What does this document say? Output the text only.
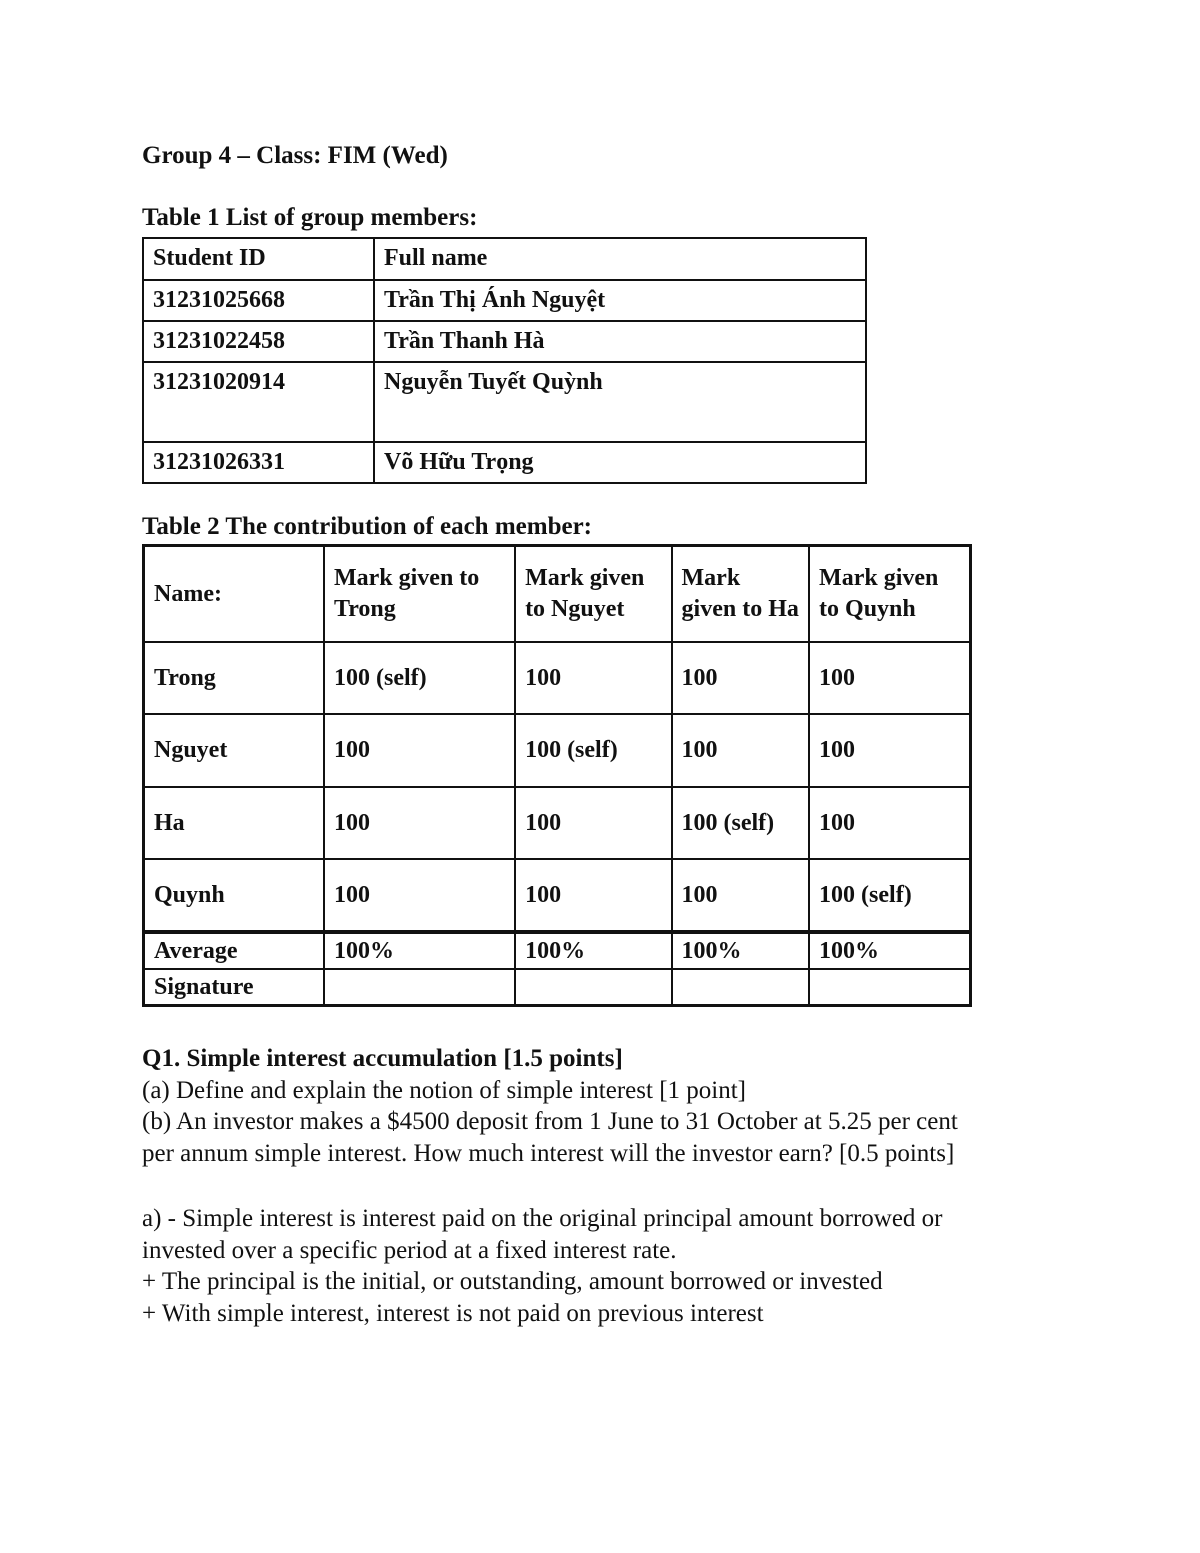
Group 4 – Class: FIM (Wed)
Table 1 List of group members:
Student ID	Full name
31231025668	Trần Thị Ánh Nguyệt
31231022458	Trần Thanh Hà
31231020914	Nguyễn Tuyết Quỳnh
31231026331	Võ Hữu Trọng
Table 2 The contribution of each member:
Name:	Mark given to Trong	Mark given to Nguyet	Mark given to Ha	Mark given to Quynh
Trong	100 (self)	100	100	100
Nguyet	100	100 (self)	100	100
Ha	100	100	100 (self)	100
Quynh	100	100	100	100 (self)
Average	100%	100%	100%	100%
Signature				
Q1. Simple interest accumulation [1.5 points]
(a) Define and explain the notion of simple interest [1 point]
(b) An investor makes a $4500 deposit from 1 June to 31 October at 5.25 per cent
per annum simple interest. How much interest will the investor earn? [0.5 points]
a) - Simple interest is interest paid on the original principal amount borrowed or
invested over a specific period at a fixed interest rate.
+ The principal is the initial, or outstanding, amount borrowed or invested
+ With simple interest, interest is not paid on previous interest
